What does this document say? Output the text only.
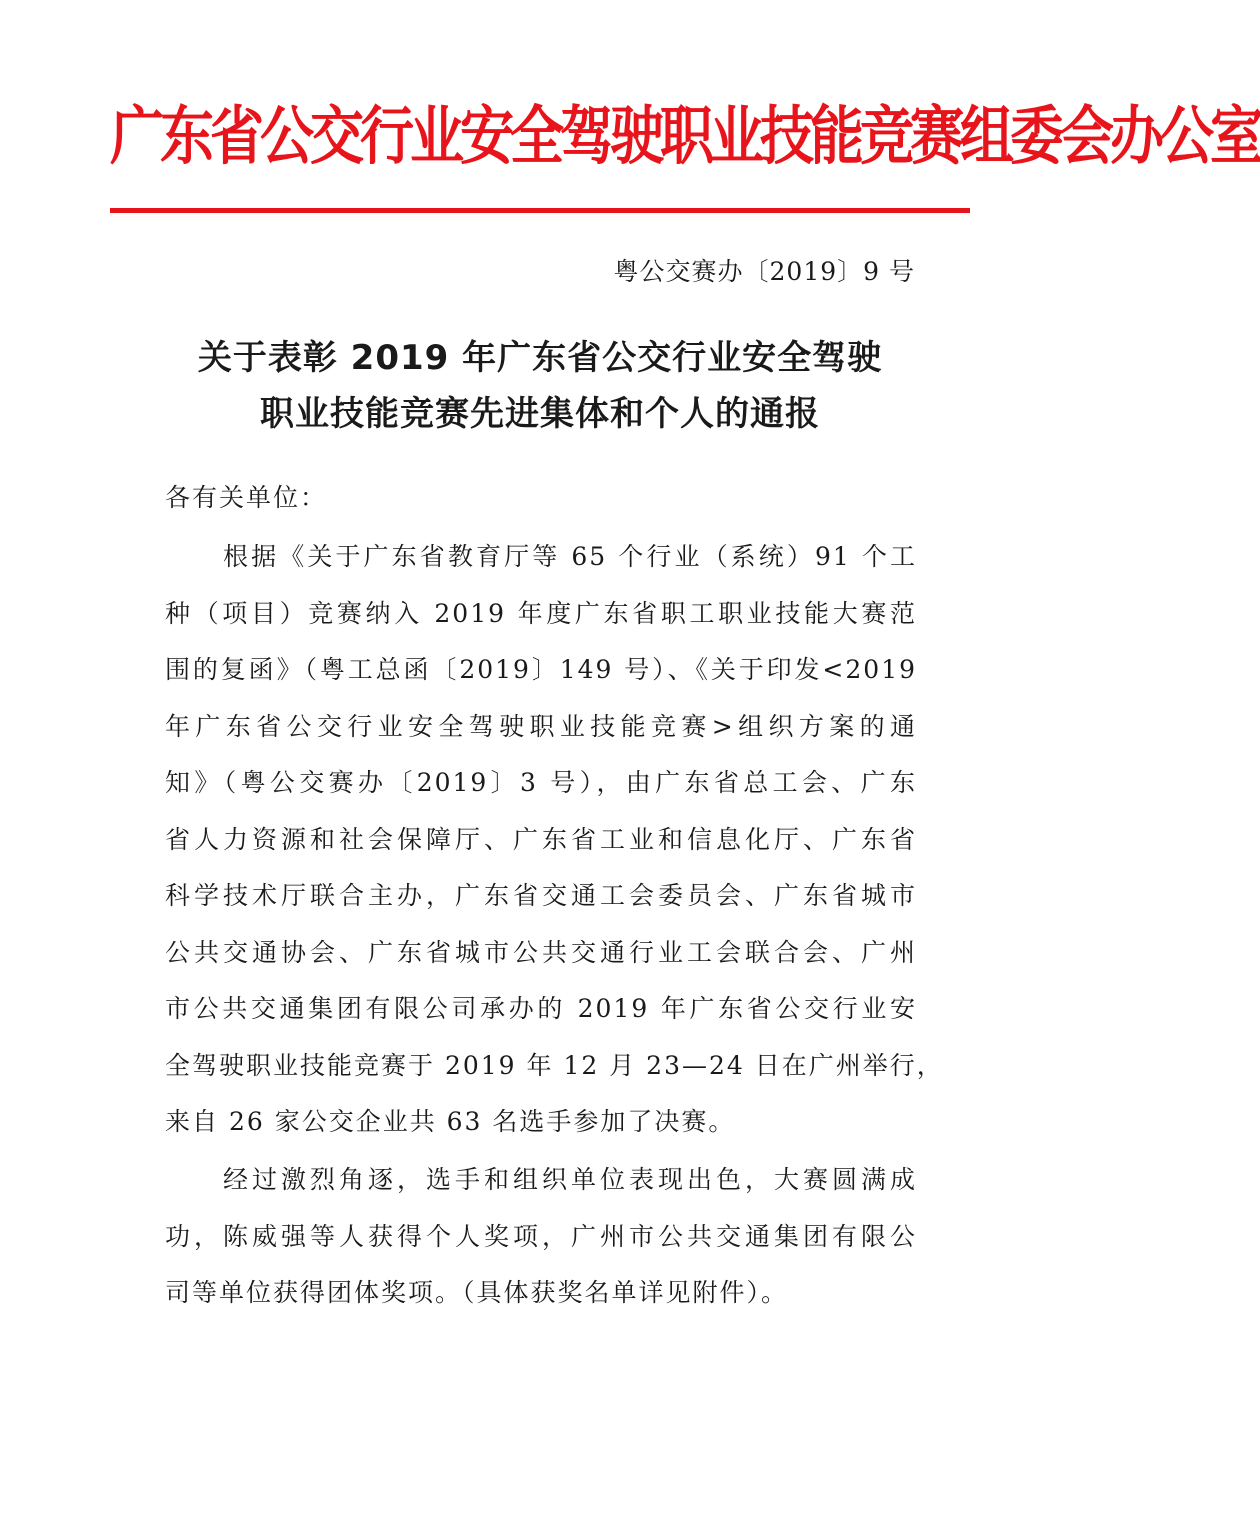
广东省公交行业安全驾驶职业技能竞赛组委会办公室
粤公交赛办〔2019〕9 号
关于表彰 2019 年广东省公交行业安全驾驶
职业技能竞赛先进集体和个人的通报
各有关单位：
根据《关于广东省教育厅等 65 个行业（系统）91 个工
种（项目）竞赛纳入 2019 年度广东省职工职业技能大赛范
围的复函》（粤工总函〔2019〕149 号）、《关于印发<2019
年广东省公交行业安全驾驶职业技能竞赛>组织方案的通
知》（粤公交赛办〔2019〕3 号），由广东省总工会、广东
省人力资源和社会保障厅、广东省工业和信息化厅、广东省
科学技术厅联合主办，广东省交通工会委员会、广东省城市
公共交通协会、广东省城市公共交通行业工会联合会、广州
市公共交通集团有限公司承办的 2019 年广东省公交行业安
全驾驶职业技能竞赛于 2019 年 12 月 23—24 日在广州举行，
来自 26 家公交企业共 63 名选手参加了决赛。
经过激烈角逐，选手和组织单位表现出色，大赛圆满成
功，陈威强等人获得个人奖项，广州市公共交通集团有限公
司等单位获得团体奖项。（具体获奖名单详见附件）。
